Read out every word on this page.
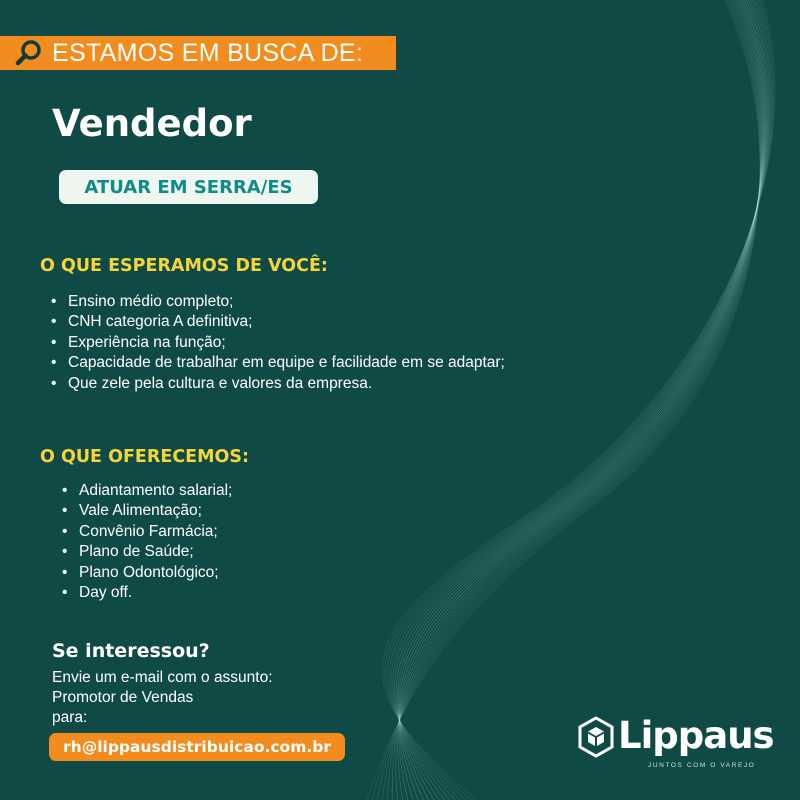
ESTAMOS EM BUSCA DE:
Vendedor
ATUAR EM SERRA/ES
O QUE ESPERAMOS DE VOCÊ:
• Ensino médio completo;
• CNH categoria A definitiva;
• Experiência na função;
• Capacidade de trabalhar em equipe e facilidade em se adaptar;
• Que zele pela cultura e valores da empresa.
O QUE OFERECEMOS:
• Adiantamento salarial;
• Vale Alimentação;
• Convênio Farmácia;
• Plano de Saúde;
• Plano Odontológico;
• Day off.
Se interessou?
Envie um e-mail com o assunto:
Promotor de Vendas
para:
rh@lippausdistribuicao.com.br	Lippaus
JUNTOS COM O VAREJO
